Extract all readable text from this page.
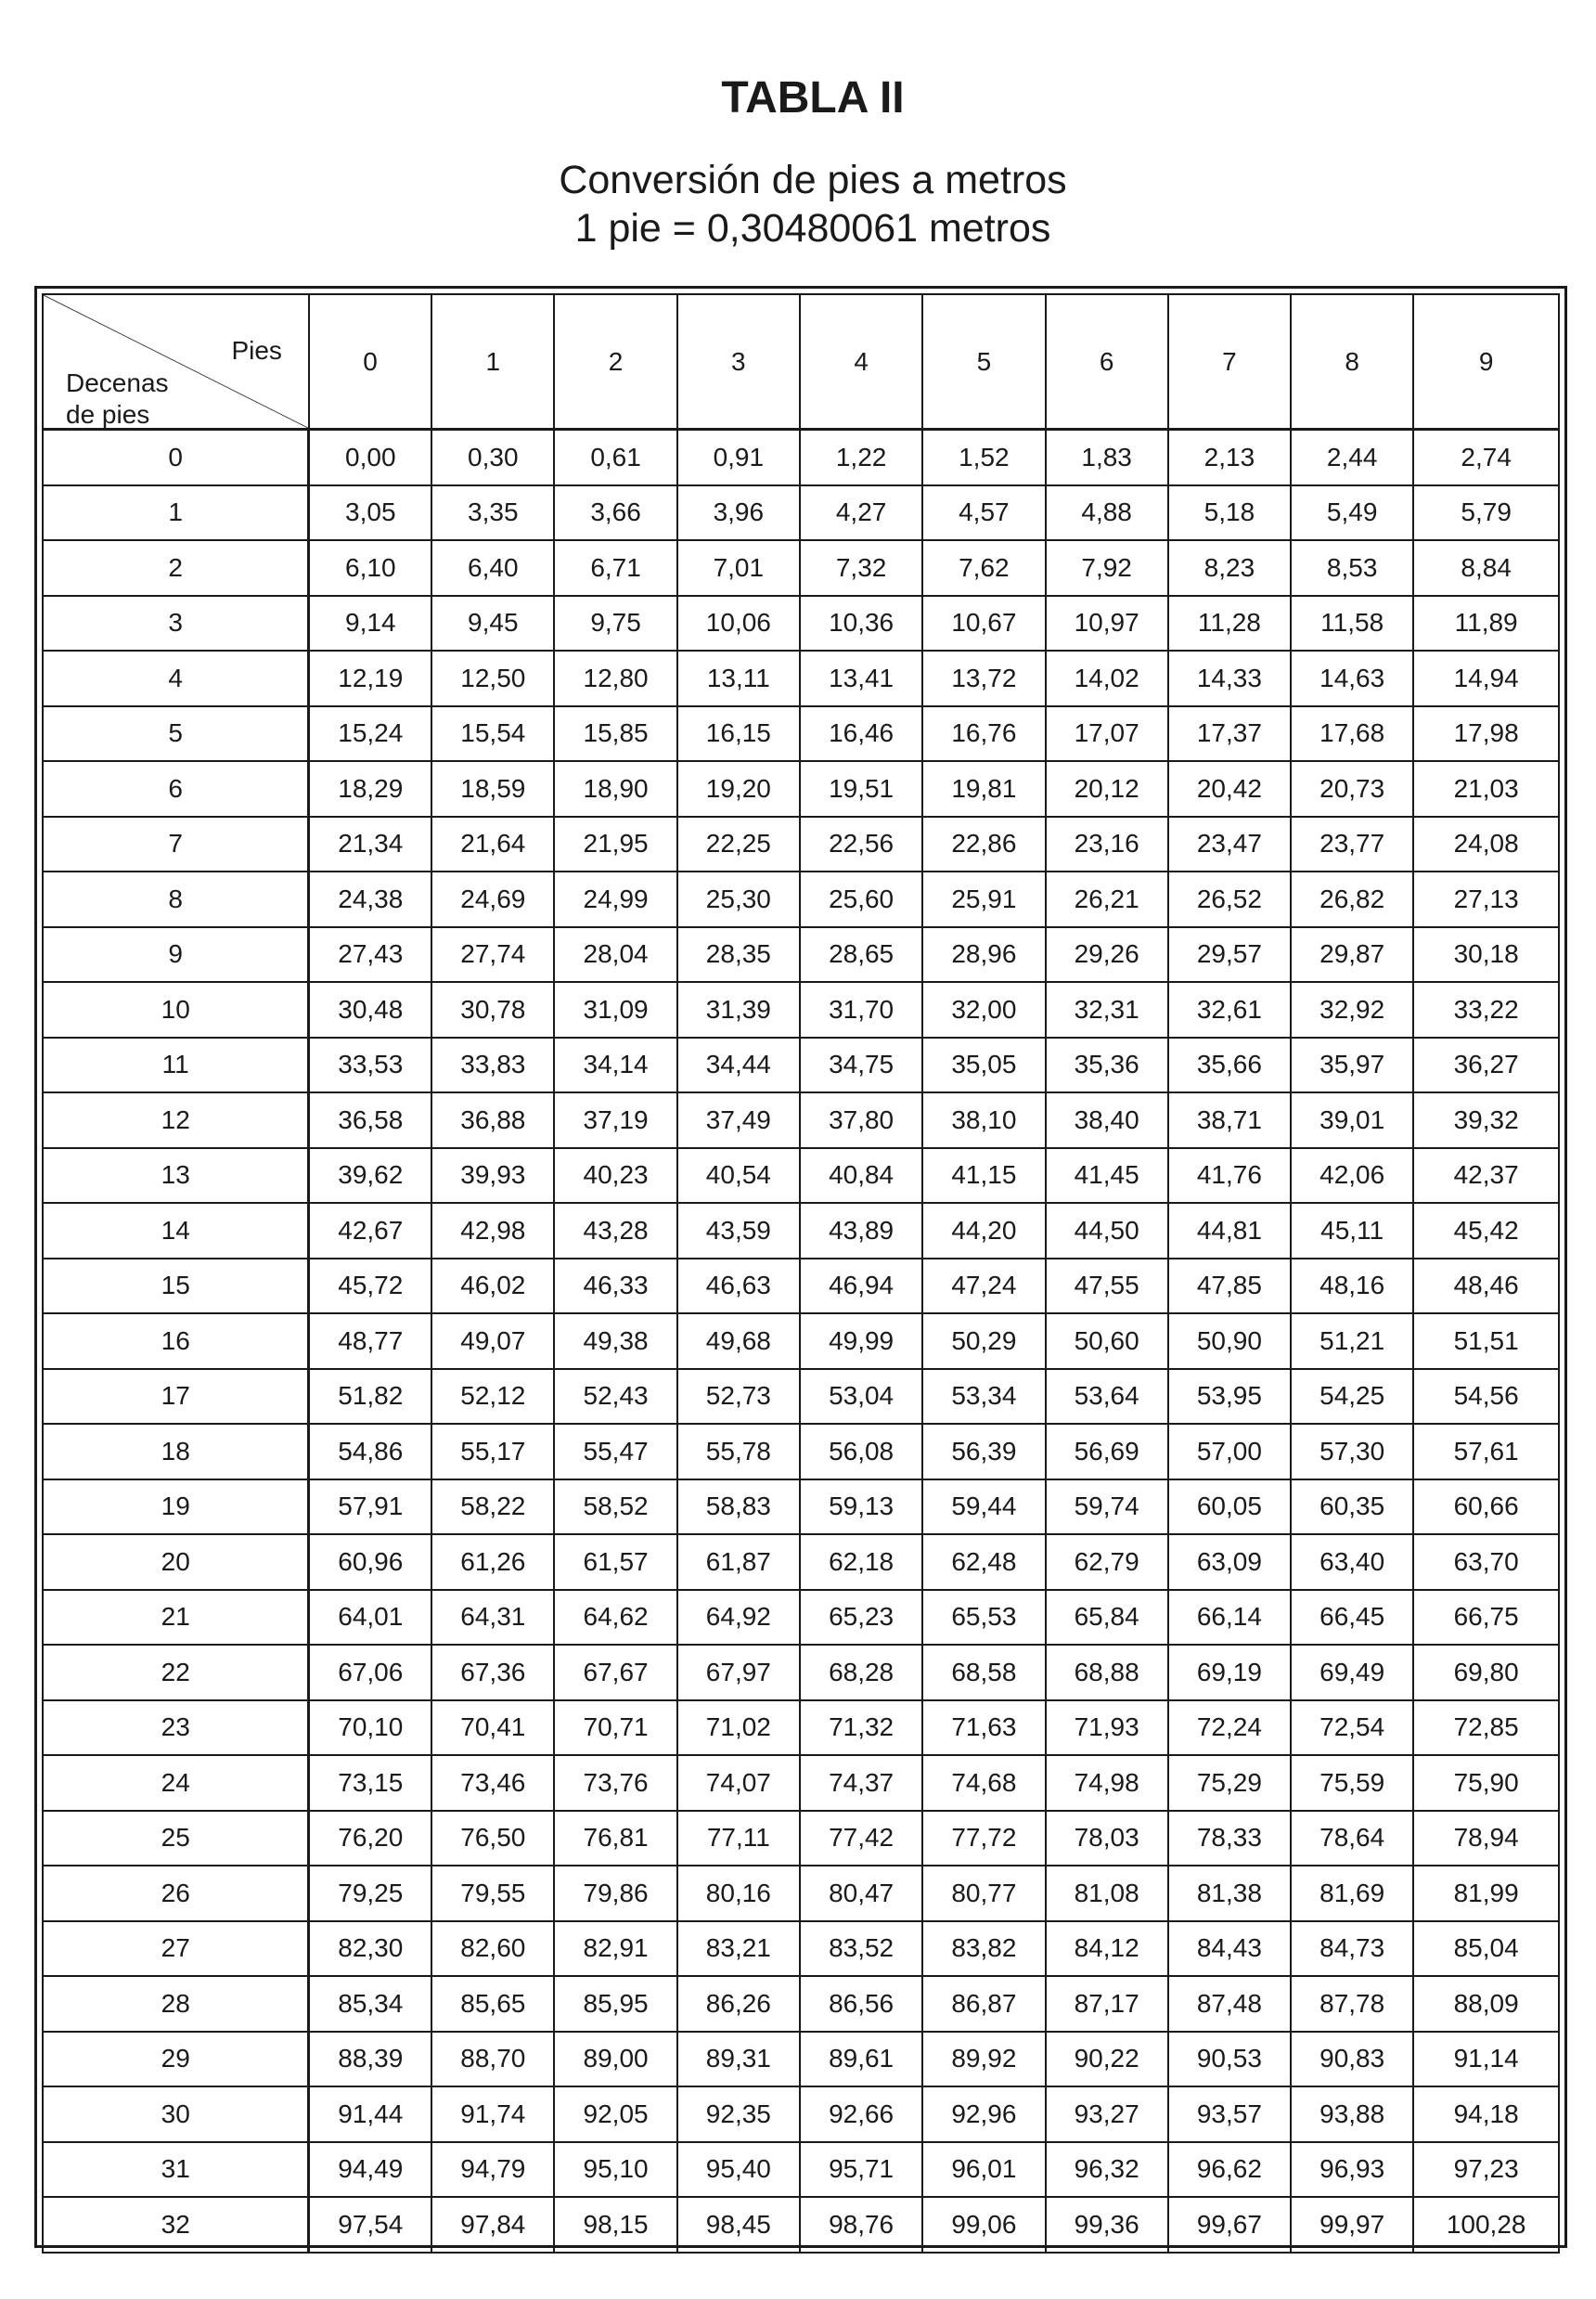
TABLA II
Conversión de pies a metros
1 pie = 0,30480061 metros
Pies
Decenas
de pies	0	1	2	3	4	5	6	7	8	9
0	0,00	0,30	0,61	0,91	1,22	1,52	1,83	2,13	2,44	2,74
1	3,05	3,35	3,66	3,96	4,27	4,57	4,88	5,18	5,49	5,79
2	6,10	6,40	6,71	7,01	7,32	7,62	7,92	8,23	8,53	8,84
3	9,14	9,45	9,75	10,06	10,36	10,67	10,97	11,28	11,58	11,89
4	12,19	12,50	12,80	13,11	13,41	13,72	14,02	14,33	14,63	14,94
5	15,24	15,54	15,85	16,15	16,46	16,76	17,07	17,37	17,68	17,98
6	18,29	18,59	18,90	19,20	19,51	19,81	20,12	20,42	20,73	21,03
7	21,34	21,64	21,95	22,25	22,56	22,86	23,16	23,47	23,77	24,08
8	24,38	24,69	24,99	25,30	25,60	25,91	26,21	26,52	26,82	27,13
9	27,43	27,74	28,04	28,35	28,65	28,96	29,26	29,57	29,87	30,18
10	30,48	30,78	31,09	31,39	31,70	32,00	32,31	32,61	32,92	33,22
11	33,53	33,83	34,14	34,44	34,75	35,05	35,36	35,66	35,97	36,27
12	36,58	36,88	37,19	37,49	37,80	38,10	38,40	38,71	39,01	39,32
13	39,62	39,93	40,23	40,54	40,84	41,15	41,45	41,76	42,06	42,37
14	42,67	42,98	43,28	43,59	43,89	44,20	44,50	44,81	45,11	45,42
15	45,72	46,02	46,33	46,63	46,94	47,24	47,55	47,85	48,16	48,46
16	48,77	49,07	49,38	49,68	49,99	50,29	50,60	50,90	51,21	51,51
17	51,82	52,12	52,43	52,73	53,04	53,34	53,64	53,95	54,25	54,56
18	54,86	55,17	55,47	55,78	56,08	56,39	56,69	57,00	57,30	57,61
19	57,91	58,22	58,52	58,83	59,13	59,44	59,74	60,05	60,35	60,66
20	60,96	61,26	61,57	61,87	62,18	62,48	62,79	63,09	63,40	63,70
21	64,01	64,31	64,62	64,92	65,23	65,53	65,84	66,14	66,45	66,75
22	67,06	67,36	67,67	67,97	68,28	68,58	68,88	69,19	69,49	69,80
23	70,10	70,41	70,71	71,02	71,32	71,63	71,93	72,24	72,54	72,85
24	73,15	73,46	73,76	74,07	74,37	74,68	74,98	75,29	75,59	75,90
25	76,20	76,50	76,81	77,11	77,42	77,72	78,03	78,33	78,64	78,94
26	79,25	79,55	79,86	80,16	80,47	80,77	81,08	81,38	81,69	81,99
27	82,30	82,60	82,91	83,21	83,52	83,82	84,12	84,43	84,73	85,04
28	85,34	85,65	85,95	86,26	86,56	86,87	87,17	87,48	87,78	88,09
29	88,39	88,70	89,00	89,31	89,61	89,92	90,22	90,53	90,83	91,14
30	91,44	91,74	92,05	92,35	92,66	92,96	93,27	93,57	93,88	94,18
31	94,49	94,79	95,10	95,40	95,71	96,01	96,32	96,62	96,93	97,23
32	97,54	97,84	98,15	98,45	98,76	99,06	99,36	99,67	99,97	100,28
